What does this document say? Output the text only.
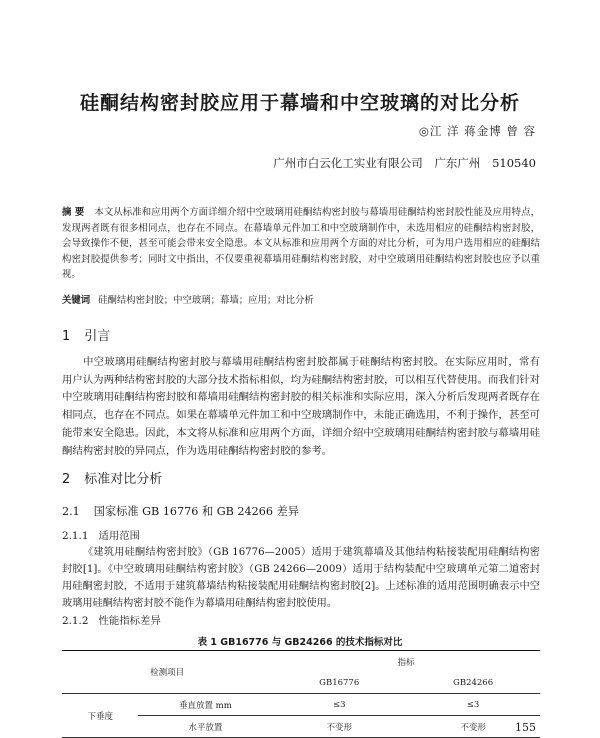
硅酮结构密封胶应用于幕墙和中空玻璃的对比分析
◎江 洋 蒋金博 曾 容
广州市白云化工实业有限公司 广东广州 510540
摘 要 本文从标准和应用两个方面详细介绍中空玻璃用硅酮结构密封胶与幕墙用硅酮结构密封胶性能及应用特点，发现两者既有很多相同点，也存在不同点。在幕墙单元件加工和中空玻璃制作中，未选用相应的硅酮结构密封胶，会导致操作不便，甚至可能会带来安全隐患。本文从标准和应用两个方面的对比分析，可为用户选用相应的硅酮结构密封胶提供参考；同时文中指出，不仅要重视幕墙用硅酮结构密封胶，对中空玻璃用硅酮结构密封胶也应予以重视。
关键词 硅酮结构密封胶；中空玻璃；幕墙；应用；对比分析
1 引言

中空玻璃用硅酮结构密封胶与幕墙用硅酮结构密封胶都属于硅酮结构密封胶。在实际应用时，常有用户认为两种结构密封胶的大部分技术指标相似，均为硅酮结构密封胶，可以相互代替使用。而我们针对中空玻璃用硅酮结构密封胶和幕墙用硅酮结构密封胶的相关标准和实际应用，深入分析后发现两者既存在相同点，也存在不同点。如果在幕墙单元件加工和中空玻璃制作中，未能正确选用，不利于操作，甚至可能带来安全隐患。因此，本文将从标准和应用两个方面，详细介绍中空玻璃用硅酮结构密封胶与幕墙用硅酮结构密封胶的异同点，作为选用硅酮结构密封胶的参考。

2 标准对比分析
2.1 国家标准 GB 16776 和 GB 24266 差异
2.1.1 适用范围

《建筑用硅酮结构密封胶》（GB 16776—2005）适用于建筑幕墙及其他结构粘接装配用硅酮结构密封胶[1]。《中空玻璃用硅酮结构密封胶》（GB 24266—2009）适用于结构装配中空玻璃单元第二道密封用硅酮密封胶，不适用于建筑幕墙结构粘接装配用硅酮结构密封胶[2]。上述标准的适用范围明确表示中空玻璃用硅酮结构密封胶不能作为幕墙用硅酮结构密封胶使用。

2.1.2 性能指标差异
表 1 GB16776 与 GB24266 的技术指标对比
检测项目		指标	
		GB16776	GB24266
下垂度	垂直放置 mm	≤3	≤3
	水平放置	不变形	不变形	155
